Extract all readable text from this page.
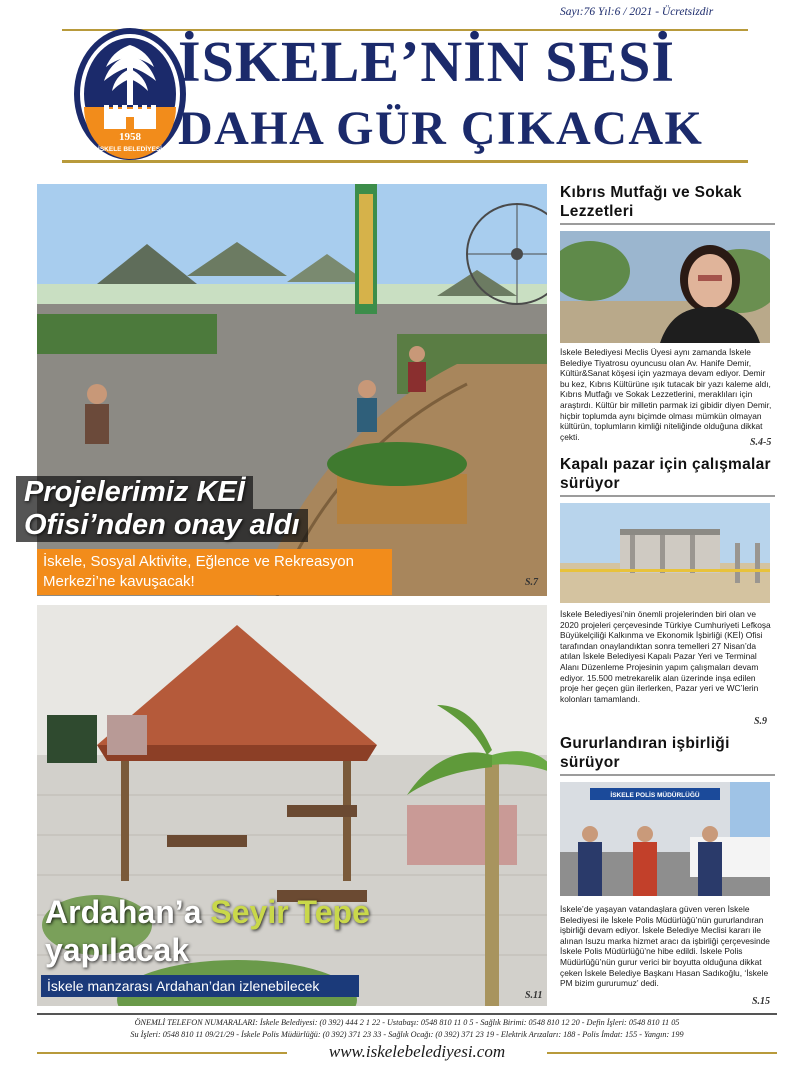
Sayı:76 Yıl:6 / 2021 - Ücretsizdir
1958
İSKELE BELEDİYESİ
İSKELE’NİN SESİ
DAHA GÜR ÇIKACAK
Projelerimiz KEİ
Ofisi’nden onay aldı
İskele, Sosyal Aktivite, Eğlence ve Rekreasyon Merkezi’ne kavuşacak!	S.7
Ardahan’a Seyir Tepe
yapılacak
İskele manzarası Ardahan’dan izlenebilecek
S.11
Kıbrıs Mutfağı ve Sokak Lezzetleri

İskele Belediyesi Meclis Üyesi aynı zamanda İskele Belediye Tiyatrosu oyuncusu olan Av. Hanife Demir, Kültür&Sanat köşesi için yazmaya devam ediyor. Demir bu kez, Kıbrıs Kültürüne ışık tutacak bir yazı kaleme aldı, Kıbrıs Mutfağı ve Sokak Lezzetlerini, meraklıları için araştırdı. Kültür bir milletin parmak izi gibidir diyen Demir, hiçbir toplumda aynı biçimde olması mümkün olmayan kültürün, toplumların kimliği niteliğinde olduğuna dikkat çekti.

S.4-5
Kapalı pazar için çalışmalar sürüyor

İskele Belediyesi’nin önemli projelerinden biri olan ve 2020 projeleri çerçevesinde Türkiye Cumhuriyeti Lefkoşa Büyükelçiliği Kalkınma ve Ekonomik İşbirliği (KEİ) Ofisi tarafından onaylandıktan sonra temelleri 27 Nisan’da atılan İskele Belediyesi Kapalı Pazar Yeri ve Terminal Alanı Düzenleme Projesinin yapım çalışmaları devam ediyor. 15.500 metrekarelik alan üzerinde inşa edilen proje her geçen gün ilerlerken, Pazar yeri ve WC’lerin kolonları tamamlandı.

S.9
Gururlandıran işbirliği sürüyor
İSKELE POLİS MÜDÜRLÜĞÜ

İskele’de yaşayan vatandaşlara güven veren İskele Belediyesi ile İskele Polis Müdürlüğü’nün gururlandıran işbirliği devam ediyor. İskele Belediye Meclisi kararı ile alınan Isuzu marka hizmet aracı da işbirliği çerçevesinde İskele Polis Müdürlüğü’ne hibe edildi. İskele Polis Müdürlüğü’nün gurur verici bir boyutta olduğuna dikkat çeken İskele Belediye Başkanı Hasan Sadıkoğlu, ‘İskele PM bizim gururumuz’ dedi.

S.15
ÖNEMLİ TELEFON NUMARALARI: İskele Belediyesi: (0 392) 444 2 1 22 - Ustabaşı: 0548 810 11 0 5 - Sağlık Birimi: 0548 810 12 20 - Defin İşleri: 0548 810 11 05
Su İşleri: 0548 810 11 09/21/29 - İskele Polis Müdürlüğü: (0 392) 371 23 33 - Sağlık Ocağı: (0 392) 371 23 19 - Elektrik Arızaları: 188 - Polis İmdat: 155 - Yangın: 199
www.iskelebelediyesi.com
